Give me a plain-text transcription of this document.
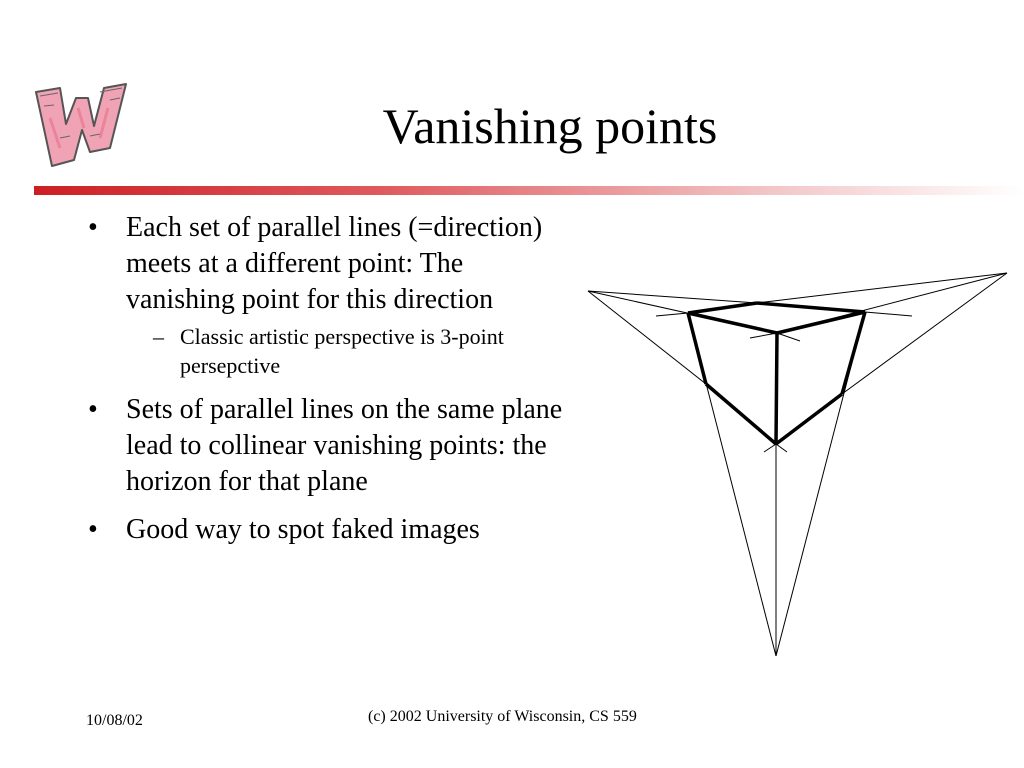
Vanishing points
• Each set of parallel lines (=direction) meets at a different point: The vanishing point for this direction
– Classic artistic perspective is 3-point persepctive
• Sets of parallel lines on the same plane lead to collinear vanishing points: the horizon for that plane
• Good way to spot faked images
10/08/02	(c) 2002 University of Wisconsin, CS 559
